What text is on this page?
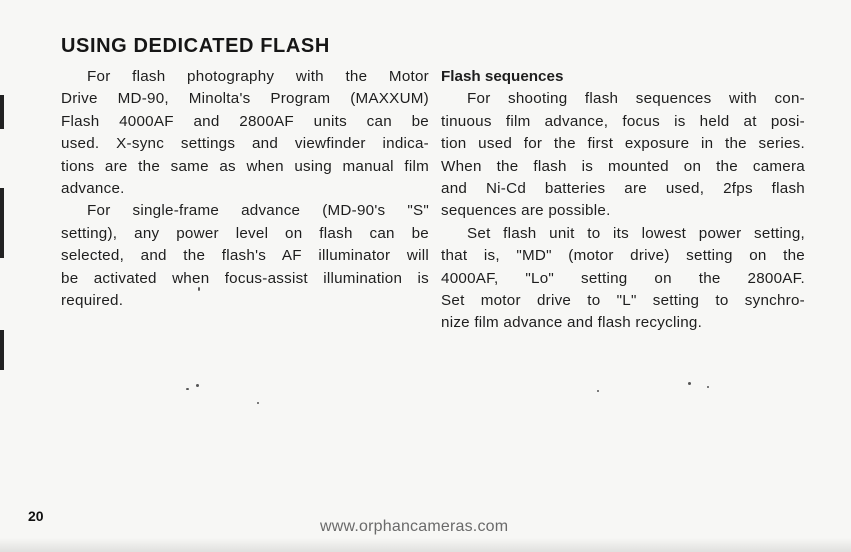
USING DEDICATED FLASH
For flash photography with the Motor
Drive MD-90, Minolta's Program (MAXXUM)
Flash 4000AF and 2800AF units can be
used. X-sync settings and viewfinder indica-
tions are the same as when using manual film
advance.
For single-frame advance (MD-90's "S"
setting), any power level on flash can be
selected, and the flash's AF illuminator will
be activated when focus-assist illumination is
required.
Flash sequences
For shooting flash sequences with con-
tinuous film advance, focus is held at posi-
tion used for the first exposure in the series.
When the flash is mounted on the camera
and Ni-Cd batteries are used, 2fps flash
sequences are possible.
Set flash unit to its lowest power setting,
that is, "MD" (motor drive) setting on the
4000AF, "Lo" setting on the 2800AF.
Set motor drive to "L" setting to synchro-
nize film advance and flash recycling.
20
www.orphancameras.com
